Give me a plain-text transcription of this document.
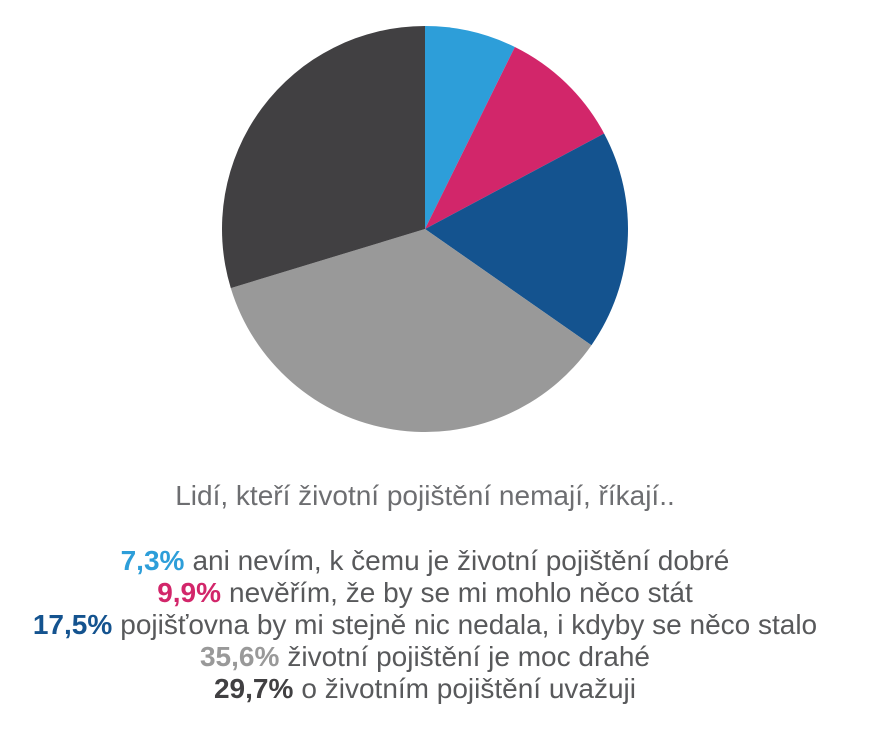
Lidí, kteří životní pojištění nemají, říkají..
7,3% ani nevím, k čemu je životní pojištění dobré
9,9% nevěřím, že by se mi mohlo něco stát
17,5% pojišťovna by mi stejně nic nedala, i kdyby se něco stalo
35,6% životní pojištění je moc drahé
29,7% o životním pojištění uvažuji
